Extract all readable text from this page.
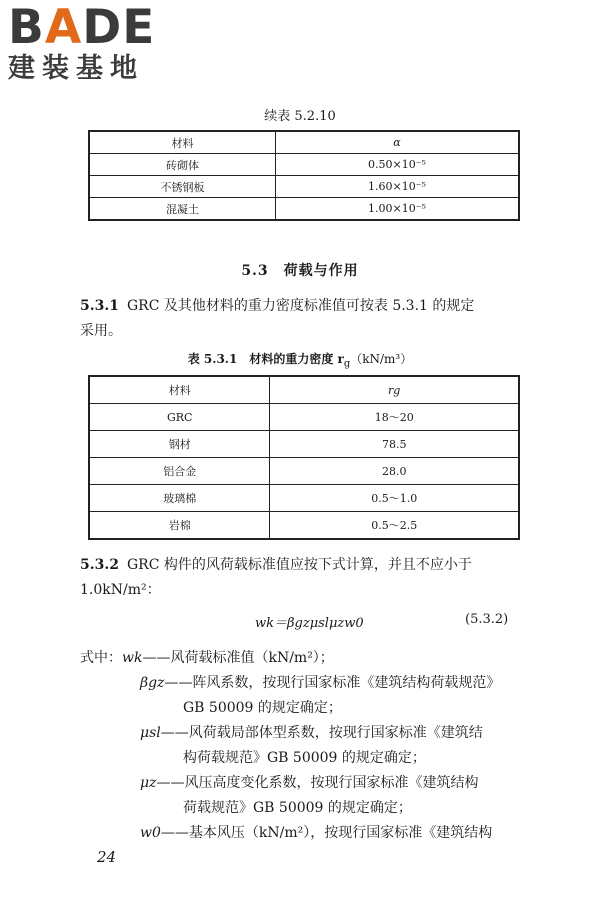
BADE
建装基地
续表 5.2.10
材料	α
砖砌体	0.50×10⁻⁵
不锈钢板	1.60×10⁻⁵
混凝土	1.00×10⁻⁵
5.3　荷载与作用
5.3.1 GRC 及其他材料的重力密度标准值可按表 5.3.1 的规定
采用。
表 5.3.1　材料的重力密度 $r_g(kN/m^3)$
材料	rg
GRC	18～20
钢材	78.5
铝合金	28.0
玻璃棉	0.5～1.0
岩棉	0.5～2.5
5.3.2 GRC 构件的风荷载标准值应按下式计算，并且不应小于
1.0kN/m²：
wk＝βgzμslμzw0	(5.3.2)
式中：wk——风荷载标准值（kN/m²）；
βgz——阵风系数，按现行国家标准《建筑结构荷载规范》
GB 50009 的规定确定；
μsl——风荷载局部体型系数，按现行国家标准《建筑结
构荷载规范》GB 50009 的规定确定；
μz——风压高度变化系数，按现行国家标准《建筑结构
荷载规范》GB 50009 的规定确定；
w0——基本风压（kN/m²），按现行国家标准《建筑结构
24
